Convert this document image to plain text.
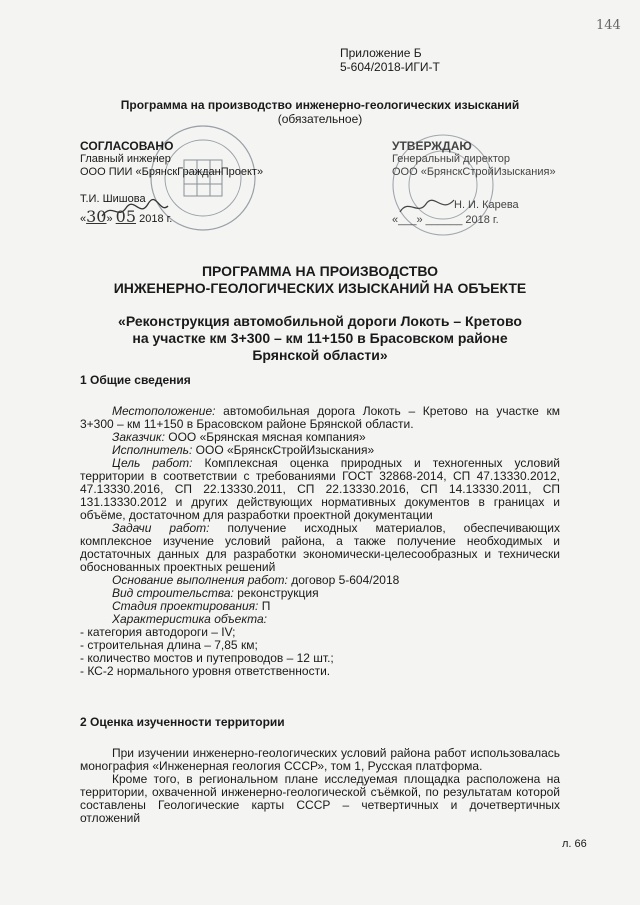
144
Приложение Б
5-604/2018-ИГИ-Т
Программа на производство инженерно-геологических изысканий
(обязательное)
СОГЛАСОВАНО
Главный инженер
ООО ПИИ «БрянскГражданПроект»
Т.И. Шишова
«30» 05 2018 г.
УТВЕРЖДАЮ
Генеральный директор
ООО «БрянскСтройИзыскания»
Н. И. Карева
«___» ______ 2018 г.
ПРОГРАММА НА ПРОИЗВОДСТВО
ИНЖЕНЕРНО-ГЕОЛОГИЧЕСКИХ ИЗЫСКАНИЙ НА ОБЪЕКТЕ
«Реконструкция автомобильной дороги Локоть – Кретово
на участке км 3+300 – км 11+150 в Брасовском районе
Брянской области»
1 Общие сведения

Местоположение: автомобильная дорога Локоть – Кретово на участке км 3+300 – км 11+150 в Брасовском районе Брянской области.

Заказчик: ООО «Брянская мясная компания»

Исполнитель: ООО «БрянскСтройИзыскания»

Цель работ: Комплексная оценка природных и техногенных условий территории в соответствии с требованиями ГОСТ 32868-2014, СП 47.13330.2012, 47.13330.2016, СП 22.13330.2011, СП 22.13330.2016, СП 14.13330.2011, СП 131.13330.2012 и других действующих нормативных документов в границах и объёме, достаточном для разработки проектной документации

Задачи работ: получение исходных материалов, обеспечивающих комплексное изучение условий района, а также получение необходимых и достаточных данных для разработки экономически-целесообразных и технически обоснованных проектных решений

Основание выполнения работ: договор 5-604/2018

Вид строительства: реконструкция

Стадия проектирования: П

Характеристика объекта:

- категория автодороги – IV;
- строительная длина – 7,85 км;
- количество мостов и путепроводов – 12 шт.;
- КС-2 нормального уровня ответственности.
2 Оценка изученности территории

При изучении инженерно-геологических условий района работ использовалась монография «Инженерная геология СССР», том 1, Русская платформа.

Кроме того, в региональном плане исследуемая площадка расположена на территории, охваченной инженерно-геологической съёмкой, по результатам которой составлены Геологические карты СССР – четвертичных и дочетвертичных отложений

л. 66
